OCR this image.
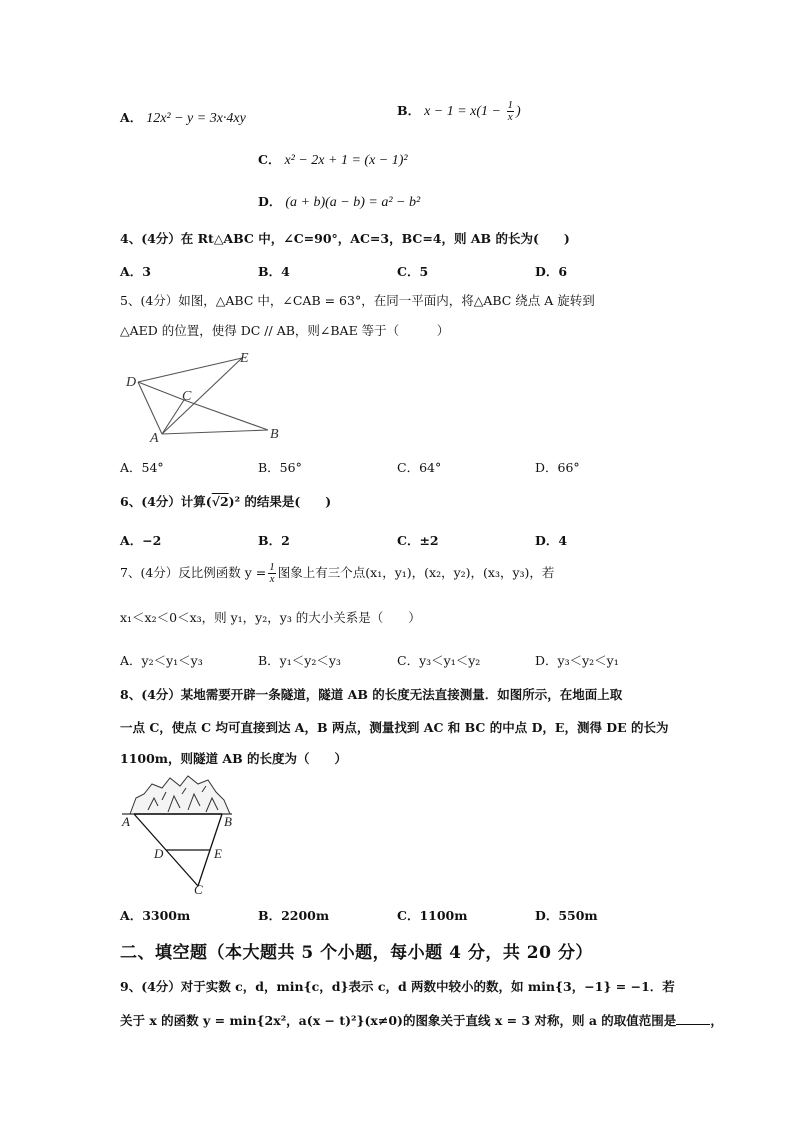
A． 12x² − y = 3x·4xy
B． $x - 1 = x(1 - \frac{1}{x}$ )
C． x² − 2x + 1 = (x − 1)²
D． (a + b)(a − b) = a² − b²
4、(4分）在 Rt△ABC 中，∠C=90°，AC=3，BC=4，则 AB 的长为(　　)
A．3	B．4	C．5	D．6
5、(4分）如图，△ABC 中，∠CAB = 63°，在同一平面内，将△ABC 绕点 A 旋转到
△AED 的位置，使得 DC // AB，则∠BAE 等于（　　　）
D
E
C
A	B
A．54°	B．56°	C．64°	D．66°
6、(4分）计算(√2)² 的结果是(　　)
A．−2	B．2	C．±2	D．4
7、(4分）反比例函数 $y = \frac{1}{x}$ 图象上有三个点(x₁，y₁)，(x₂，y₂)，(x₃，y₃)，若
x₁＜x₂＜0＜x₃，则 y₁，y₂，y₃ 的大小关系是（　　）
A．y₂＜y₁＜y₃	B．y₁＜y₂＜y₃	C．y₃＜y₁＜y₂	D．y₃＜y₂＜y₁
8、(4分）某地需要开辟一条隧道，隧道 AB 的长度无法直接测量．如图所示，在地面上取
一点 C，使点 C 均可直接到达 A，B 两点，测量找到 AC 和 BC 的中点 D，E，测得 DE 的长为
1100m，则隧道 AB 的长度为（　　）
A	B
D	E
C
A．3300m	B．2200m	C．1100m	D．550m
二、填空题（本大题共 5 个小题，每小题 4 分，共 20 分）
9、(4分）对于实数 c，d，min{c，d}表示 c，d 两数中较小的数，如 min{3，−1} = −1．若
关于 x 的函数 y = min{2x²，a(x − t)²}(x≠0)的图象关于直线 x = 3 对称，则 a 的取值范围是	，
